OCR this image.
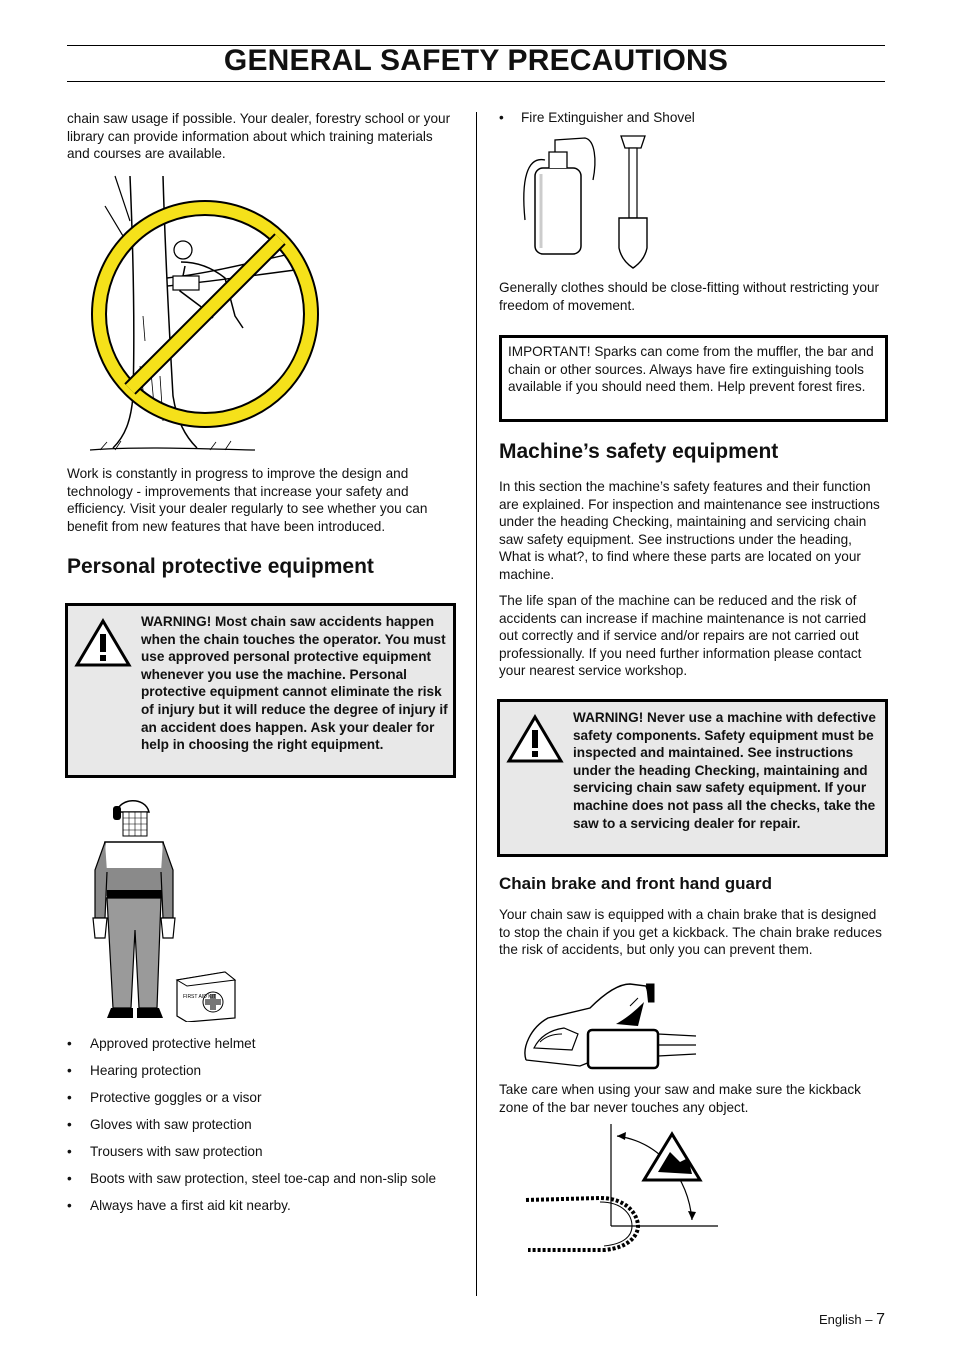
GENERAL SAFETY PRECAUTIONS

chain saw usage if possible. Your dealer, forestry school or your library can provide information about which training materials and courses are available.

Work is constantly in progress to improve the design and technology - improvements that increase your safety and efficiency. Visit your dealer regularly to see whether you can benefit from new features that have been introduced.

Personal protective equipment

WARNING! Most chain saw accidents happen when the chain touches the operator. You must use approved personal protective equipment whenever you use the machine. Personal protective equipment cannot eliminate the risk of injury but it will reduce the degree of injury if an accident does happen. Ask your dealer for help in choosing the right equipment.

FIRST AID KIT
• Approved protective helmet
• Hearing protection
• Protective goggles or a visor
• Gloves with saw protection
• Trousers with saw protection
• Boots with saw protection, steel toe-cap and non-slip sole
• Always have a first aid kit nearby.
• Fire Extinguisher and Shovel

Generally clothes should be close-fitting without restricting your freedom of movement.

IMPORTANT! Sparks can come from the muffler, the bar and chain or other sources. Always have fire extinguishing tools available if you should need them. Help prevent forest fires.

Machine’s safety equipment

In this section the machine’s safety features and their function are explained. For inspection and maintenance see instructions under the heading Checking, maintaining and servicing chain saw safety equipment. See instructions under the heading, What is what?, to find where these parts are located on your machine.

The life span of the machine can be reduced and the risk of accidents can increase if machine maintenance is not carried out correctly and if service and/or repairs are not carried out professionally. If you need further information please contact your nearest service workshop.

WARNING! Never use a machine with defective safety components. Safety equipment must be inspected and maintained. See instructions under the heading Checking, maintaining and servicing chain saw safety equipment. If your machine does not pass all the checks, take the saw to a servicing dealer for repair.

Chain brake and front hand guard

Your chain saw is equipped with a chain brake that is designed to stop the chain if you get a kickback. The chain brake reduces the risk of accidents, but only you can prevent them.

Take care when using your saw and make sure the kickback zone of the bar never touches any object.

English – 7
